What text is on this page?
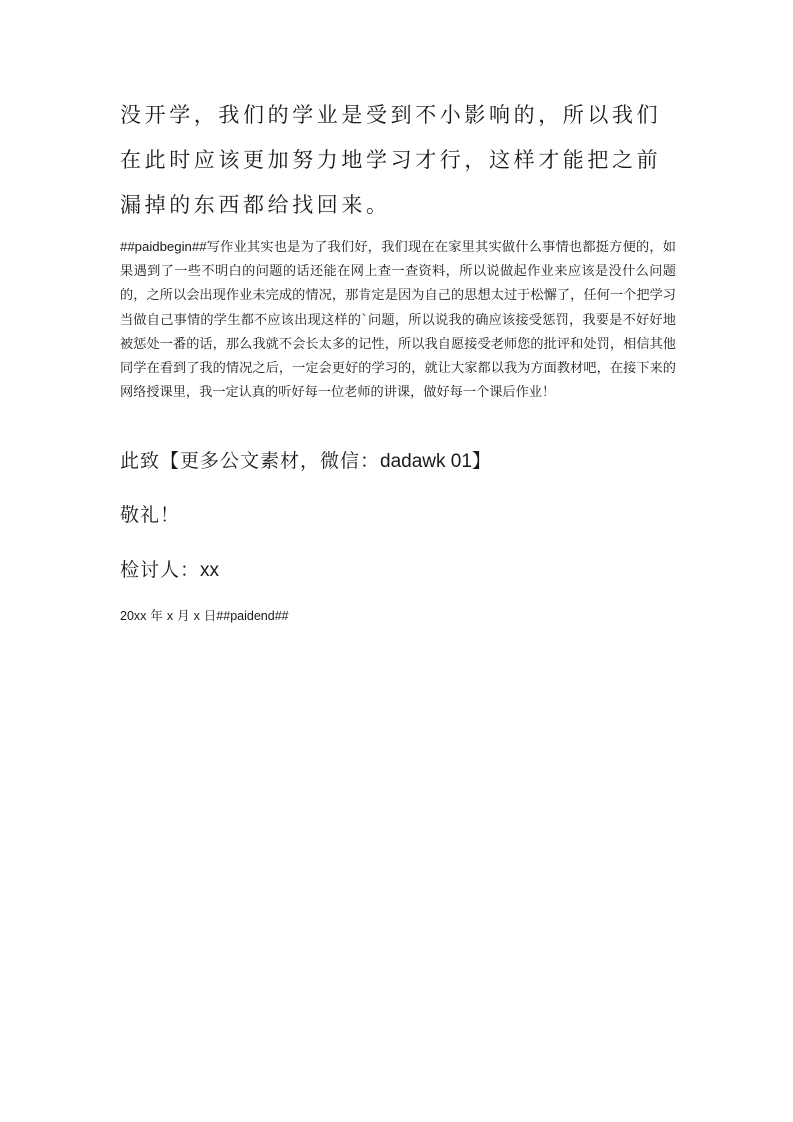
没开学，我们的学业是受到不小影响的，所以我们在此时应该更加努力地学习才行，这样才能把之前漏掉的东西都给找回来。

##paidbegin##写作业其实也是为了我们好，我们现在在家里其实做什么事情也都挺方便的，如果遇到了一些不明白的问题的话还能在网上查一查资料，所以说做起作业来应该是没什么问题的，之所以会出现作业未完成的情况，那肯定是因为自己的思想太过于松懈了，任何一个把学习当做自己事情的学生都不应该出现这样的`问题，所以说我的确应该接受惩罚，我要是不好好地被惩处一番的话，那么我就不会长太多的记性，所以我自愿接受老师您的批评和处罚，相信其他同学在看到了我的情况之后，一定会更好的学习的，就让大家都以我为方面教材吧，在接下来的网络授课里，我一定认真的听好每一位老师的讲课，做好每一个课后作业！

此致【更多公文素材，微信：dadawk 01】

敬礼！

检讨人：xx

20xx 年 x 月 x 日##paidend##
